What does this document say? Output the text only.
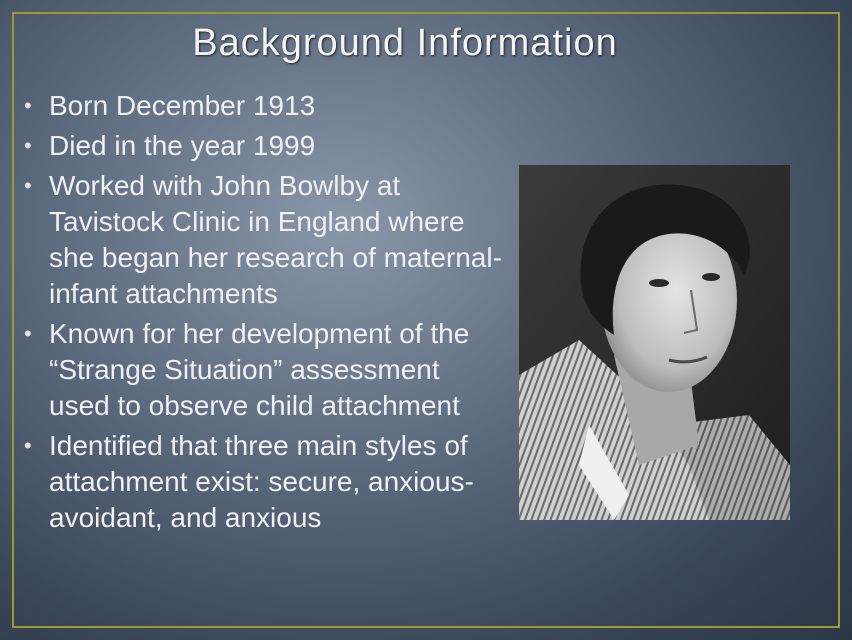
Background Information
• Born December 1913
• Died in the year 1999
• Worked with John Bowlby at Tavistock Clinic in England where she began her research of maternal-infant attachments
• Known for her development of the “Strange Situation” assessment used to observe child attachment
• Identified that three main styles of attachment exist: secure, anxious-avoidant, and anxious
